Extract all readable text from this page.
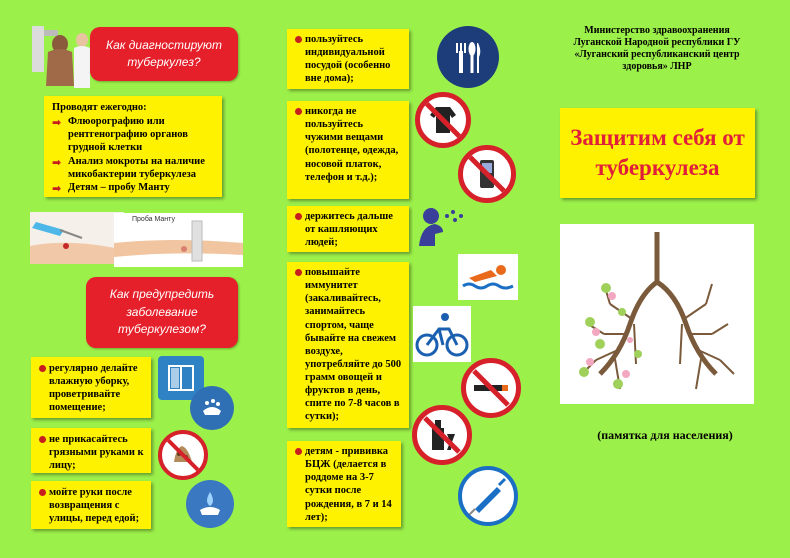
Как диагностируют туберкулез?
Проводят ежегодно:
➡ Флюорографию или рентгенографию органов грудной клетки
➡ Анализ мокроты на наличие микобактерии туберкулеза
➡ Детям – пробу Манту
Проба Манту
Как предупредить заболевание туберкулезом?
регулярно делайте влажную уборку, проветривайте помещение;
не прикасайтесь грязными руками к лицу;
мойте руки после возвращения с улицы, перед едой;
пользуйтесь индивидуальной посудой (особенно вне дома);
никогда не пользуйтесь чужими вещами (полотенце, одежда, носовой платок, телефон и т.д.);
держитесь дальше от кашляющих людей;
повышайте иммунитет (закаливайтесь, занимайтесь спортом, чаще бывайте на свежем воздухе, употребляйте до 500 грамм овощей и фруктов в день, спите по 7-8 часов в сутки);
детям - прививка БЦЖ (делается в роддоме на 3-7 сутки после рождения, в 7 и 14 лет);
Министерство здравоохранения Луганской Народной республики ГУ «Луганский республиканский центр здоровья» ЛНР
Защитим себя от туберкулеза
(памятка для населения)
